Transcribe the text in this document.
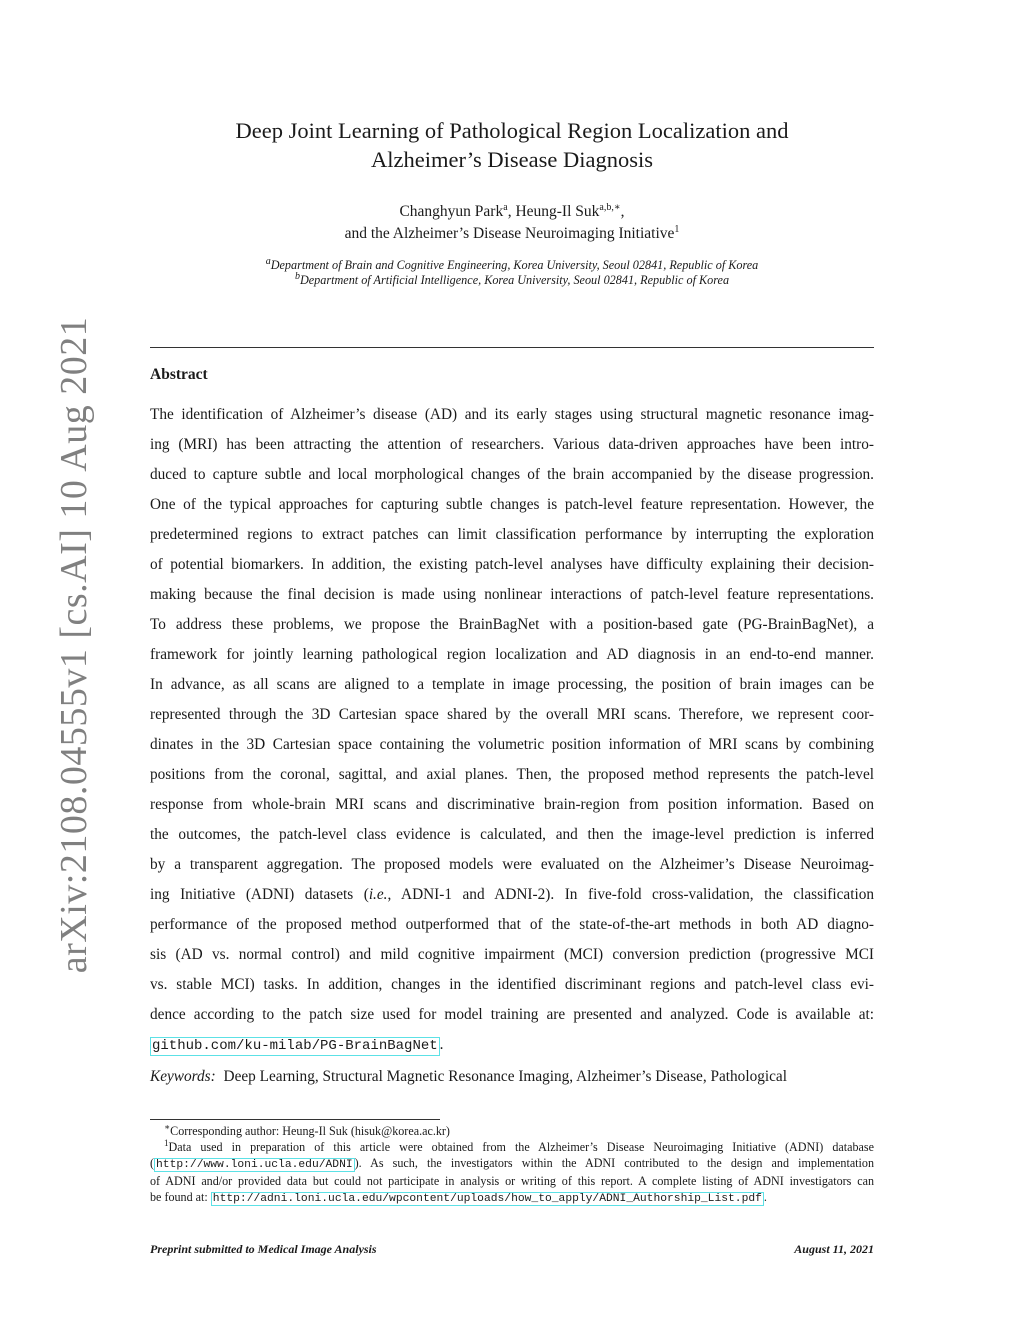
arXiv:2108.04555v1 [cs.AI] 10 Aug 2021
Deep Joint Learning of Pathological Region Localization and
Alzheimer’s Disease Diagnosis
Changhyun Park$^a$, Heung-Il Suk$^{a,b,∗}$,
and the Alzheimer’s Disease Neuroimaging Initiative$^1$
$^a$Department of Brain and Cognitive Engineering, Korea University, Seoul 02841, Republic of Korea
$^b$Department of Artificial Intelligence, Korea University, Seoul 02841, Republic of Korea
Abstract
The identification of Alzheimer’s disease (AD) and its early stages using structural magnetic resonance imag-
ing (MRI) has been attracting the attention of researchers. Various data-driven approaches have been intro-
duced to capture subtle and local morphological changes of the brain accompanied by the disease progression.
One of the typical approaches for capturing subtle changes is patch-level feature representation. However, the
predetermined regions to extract patches can limit classification performance by interrupting the exploration
of potential biomarkers. In addition, the existing patch-level analyses have difficulty explaining their decision-
making because the final decision is made using nonlinear interactions of patch-level feature representations.
To address these problems, we propose the BrainBagNet with a position-based gate (PG-BrainBagNet), a
framework for jointly learning pathological region localization and AD diagnosis in an end-to-end manner.
In advance, as all scans are aligned to a template in image processing, the position of brain images can be
represented through the 3D Cartesian space shared by the overall MRI scans. Therefore, we represent coor-
dinates in the 3D Cartesian space containing the volumetric position information of MRI scans by combining
positions from the coronal, sagittal, and axial planes. Then, the proposed method represents the patch-level
response from whole-brain MRI scans and discriminative brain-region from position information. Based on
the outcomes, the patch-level class evidence is calculated, and then the image-level prediction is inferred
by a transparent aggregation. The proposed models were evaluated on the Alzheimer’s Disease Neuroimag-
ing Initiative (ADNI) datasets (i.e., ADNI-1 and ADNI-2). In five-fold cross-validation, the classification
performance of the proposed method outperformed that of the state-of-the-art methods in both AD diagno-
sis (AD vs. normal control) and mild cognitive impairment (MCI) conversion prediction (progressive MCI
vs. stable MCI) tasks. In addition, changes in the identified discriminant regions and patch-level class evi-
dence according to the patch size used for model training are presented and analyzed. Code is available at:
github.com/ku-milab/PG-BrainBagNet .
Keywords: Deep Learning, Structural Magnetic Resonance Imaging, Alzheimer’s Disease, Pathological
∗Corresponding author: Heung-Il Suk (hisuk@korea.ac.kr)
$^1$Data used in preparation of this article were obtained from the Alzheimer’s Disease Neuroimaging Initiative (ADNI) database
( http://www.loni.ucla.edu/ADNI ). As such, the investigators within the ADNI contributed to the design and implementation
of ADNI and/or provided data but could not participate in analysis or writing of this report. A complete listing of ADNI investigators can
be found at: http://adni.loni.ucla.edu/wpcontent/uploads/how_to_apply/ADNI_Authorship_List.pdf .
Preprint submitted to Medical Image Analysis	August 11, 2021
